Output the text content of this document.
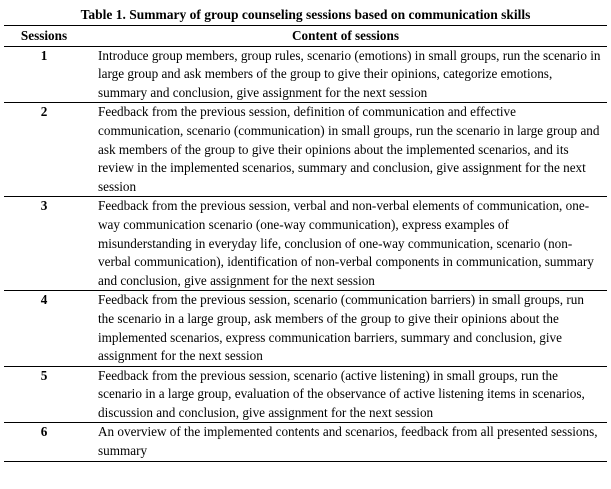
Table 1. Summary of group counseling sessions based on communication skills
Sessions	Content of sessions
1	Introduce group members, group rules, scenario (emotions) in small groups, run the scenario in large group and ask members of the group to give their opinions, categorize emotions, summary and conclusion, give assignment for the next session
2	Feedback from the previous session, definition of communication and effective communication, scenario (communication) in small groups, run the scenario in large group and ask members of the group to give their opinions about the implemented scenarios, and its review in the implemented scenarios, summary and conclusion, give assignment for the next session
3	Feedback from the previous session, verbal and non-verbal elements of communication, one-way communication scenario (one-way communication), express examples of misunderstanding in everyday life, conclusion of one-way communication, scenario (non-verbal communication), identification of non-verbal components in communication, summary and conclusion, give assignment for the next session
4	Feedback from the previous session, scenario (communication barriers) in small groups, run the scenario in a large group, ask members of the group to give their opinions about the implemented scenarios, express communication barriers, summary and conclusion, give assignment for the next session
5	Feedback from the previous session, scenario (active listening) in small groups, run the scenario in a large group, evaluation of the observance of active listening items in scenarios, discussion and conclusion, give assignment for the next session
6	An overview of the implemented contents and scenarios, feedback from all presented sessions, summary
